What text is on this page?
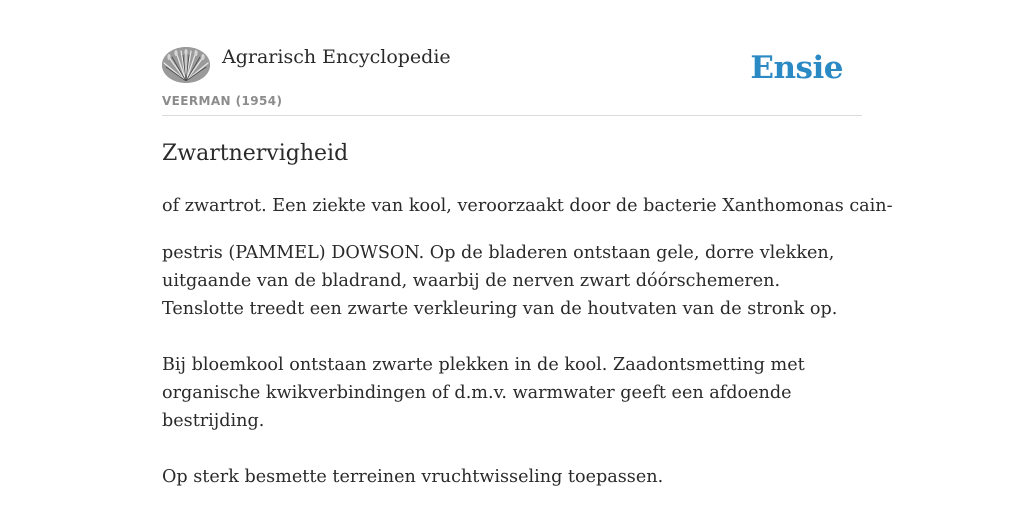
Agrarisch Encyclopedie
VEERMAN (1954)
Ensie
Zwartnervigheid

of zwartrot. Een ziekte van kool, veroorzaakt door de bacterie Xanthomonas cain-

pestris (PAMMEL) DOWSON. Op de bladeren ontstaan gele, dorre vlekken, uitgaande van de bladrand, waarbij de nerven zwart dóórschemeren. Tenslotte treedt een zwarte verkleuring van de houtvaten van de stronk op.

Bij bloemkool ontstaan zwarte plekken in de kool. Zaadontsmetting met organische kwikverbindingen of d.m.v. warmwater geeft een afdoende bestrijding.

Op sterk besmette terreinen vruchtwisseling toepassen.
